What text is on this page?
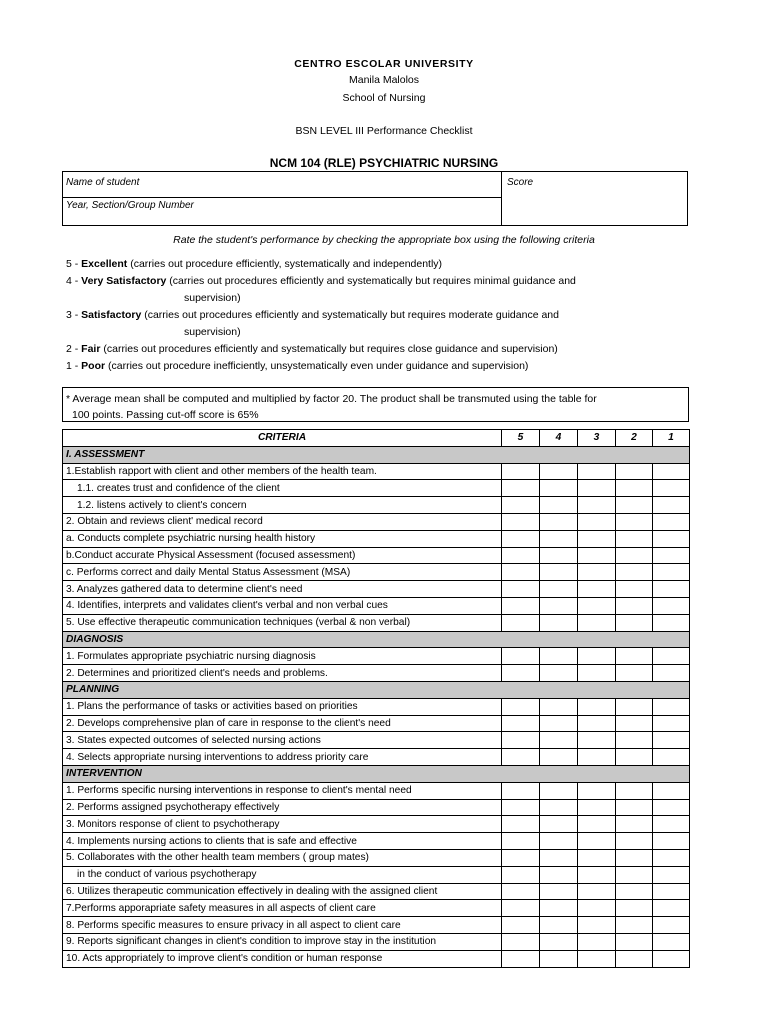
CENTRO ESCOLAR UNIVERSITY
Manila Malolos
School of Nursing
BSN LEVEL III Performance Checklist
NCM 104 (RLE) PSYCHIATRIC NURSING
Name of student
Year, Section/Group Number
Score
Rate the student's performance by checking the appropriate box using the following criteria
5 - Excellent (carries out procedure efficiently, systematically and independently)
4 - Very Satisfactory (carries out procedures efficiently and systematically but requires minimal guidance and
supervision)
3 - Satisfactory (carries out procedures efficiently and systematically but requires moderate guidance and
supervision)
2 - Fair (carries out procedures efficiently and systematically but requires close guidance and supervision)
1 - Poor (carries out procedure inefficiently, unsystematically even under guidance and supervision)
* Average mean shall be computed and multiplied by factor 20. The product shall be transmuted using the table for
100 points. Passing cut-off score is 65%
CRITERIA	5	4	3	2	1
I. ASSESSMENT					
1.Establish rapport with client and other members of the health team.					
1.1. creates trust and confidence of the client					
1.2. listens actively to client's concern					
2. Obtain and reviews client' medical record					
a. Conducts complete psychiatric nursing health history					
b.Conduct accurate Physical Assessment (focused assessment)					
c. Performs correct and daily Mental Status Assessment (MSA)					
3. Analyzes gathered data to determine client's need					
4. Identifies, interprets and validates client's verbal and non verbal cues					
5. Use effective therapeutic communication techniques (verbal & non verbal)					
DIAGNOSIS					
1. Formulates appropriate psychiatric nursing diagnosis					
2. Determines and prioritized client's needs and problems.					
PLANNING					
1. Plans the performance of tasks or activities based on priorities					
2. Develops comprehensive plan of care in response to the client's need					
3. States expected outcomes of selected nursing actions					
4. Selects appropriate nursing interventions to address priority care					
INTERVENTION					
1. Performs specific nursing interventions in response to client's mental need					
2. Performs assigned psychotherapy effectively					
3. Monitors response of client to psychotherapy					
4. Implements nursing actions to clients that is safe and effective					
5. Collaborates with the other health team members ( group mates)					
in the conduct of various psychotherapy					
6. Utilizes therapeutic communication effectively in dealing with the assigned client					
7.Performs apporapriate safety measures in all aspects of client care					
8. Performs specific measures to ensure privacy in all aspect to client care					
9. Reports significant changes in client's condition to improve stay in the institution					
10. Acts appropriately to improve client's condition or human response					
